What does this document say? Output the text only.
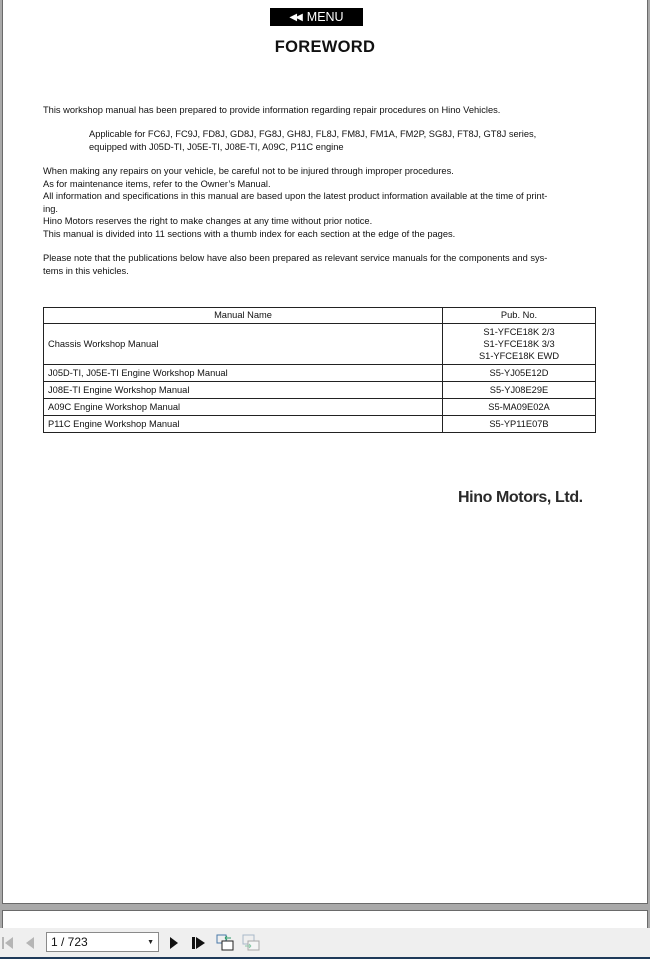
◀◀ MENU
FOREWORD
This workshop manual has been prepared to provide information regarding repair procedures on Hino Vehicles.
Applicable for FC6J, FC9J, FD8J, GD8J, FG8J, GH8J, FL8J, FM8J, FM1A, FM2P, SG8J, FT8J, GT8J series,
equipped with J05D-TI, J05E-TI, J08E-TI, A09C, P11C engine
When making any repairs on your vehicle, be careful not to be injured through improper procedures.
As for maintenance items, refer to the Owner’s Manual.
All information and specifications in this manual are based upon the latest product information available at the time of print-
ing.
Hino Motors reserves the right to make changes at any time without prior notice.
This manual is divided into 11 sections with a thumb index for each section at the edge of the pages.
Please note that the publications below have also been prepared as relevant service manuals for the components and sys-
tems in this vehicles.
Manual Name	Pub. No.
Chassis Workshop Manual	S1-YFCE18K 2/3
S1-YFCE18K 3/3
S1-YFCE18K EWD

J05D-TI, J05E-TI Engine Workshop Manual	S5-YJ05E12D
J08E-TI Engine Workshop Manual	S5-YJ08E29E
A09C Engine Workshop Manual	S5-MA09E02A
P11C Engine Workshop Manual	S5-YP11E07B
Hino Motors, Ltd.
1 / 723	▼
